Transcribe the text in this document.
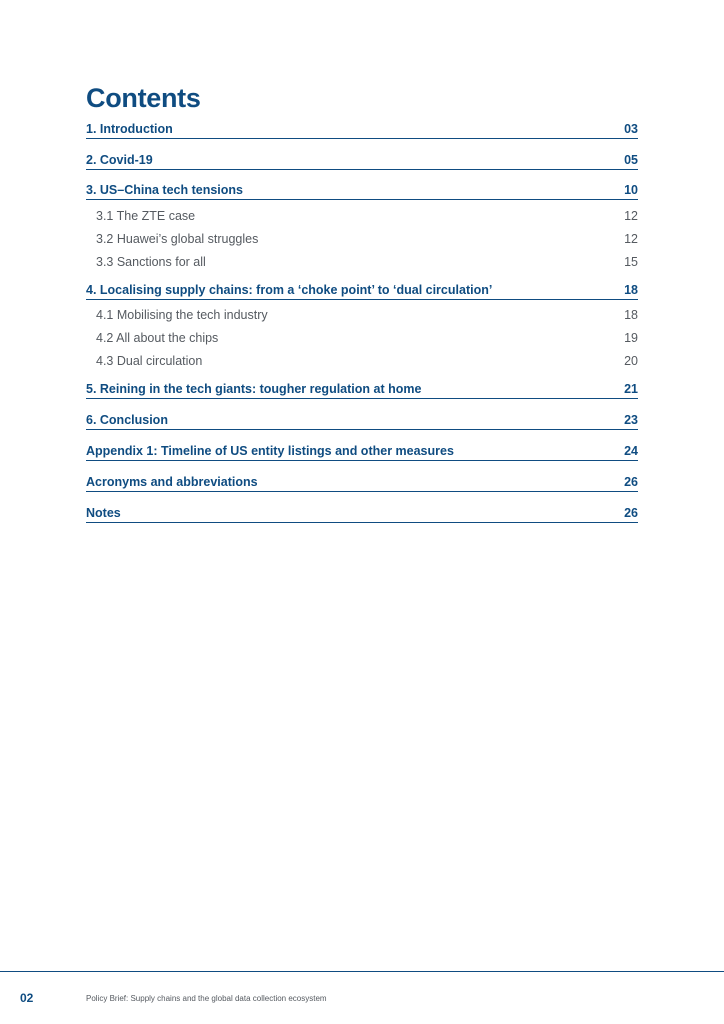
Contents
1. Introduction	03
2. Covid-19	05
3. US–China tech tensions	10
3.1 The ZTE case	12
3.2 Huawei’s global struggles	12
3.3 Sanctions for all	15
4. Localising supply chains: from a ‘choke point’ to ‘dual circulation’	18
4.1 Mobilising the tech industry	18
4.2 All about the chips	19
4.3 Dual circulation	20
5. Reining in the tech giants: tougher regulation at home	21
6. Conclusion	23
Appendix 1: Timeline of US entity listings and other measures	24
Acronyms and abbreviations	26
Notes	26
02	Policy Brief: Supply chains and the global data collection ecosystem
